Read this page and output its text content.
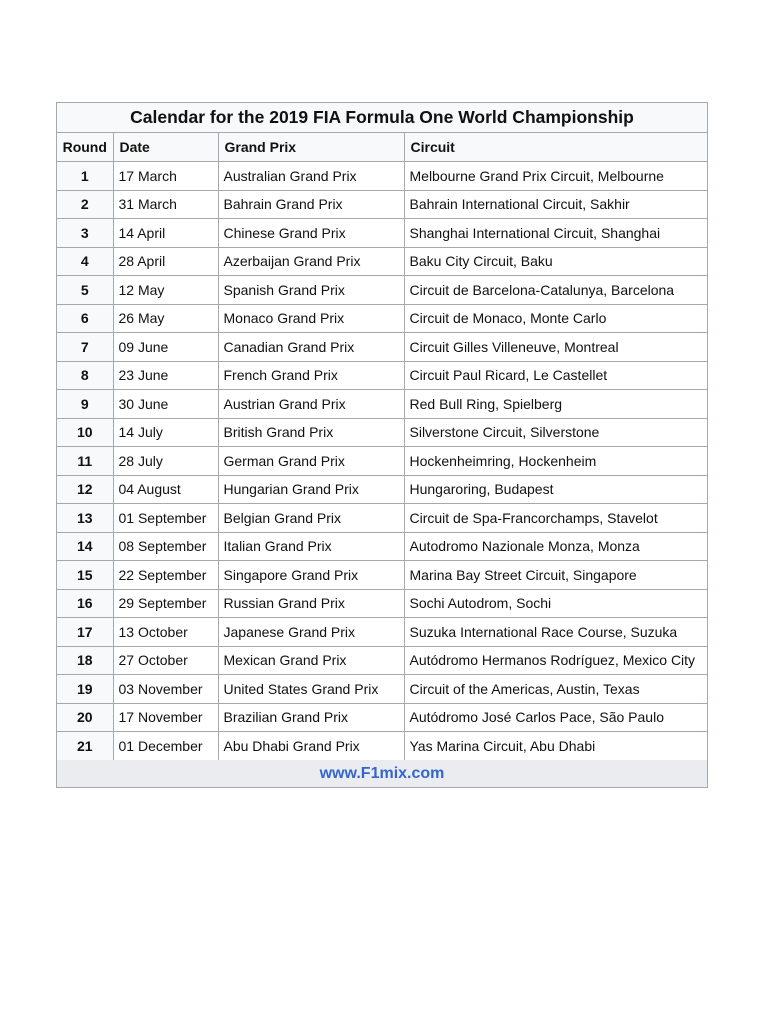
Calendar for the 2019 FIA Formula One World Championship			
Round	Date	Grand Prix	Circuit
1	17 March	Australian Grand Prix	Melbourne Grand Prix Circuit, Melbourne
2	31 March	Bahrain Grand Prix	Bahrain International Circuit, Sakhir
3	14 April	Chinese Grand Prix	Shanghai International Circuit, Shanghai
4	28 April	Azerbaijan Grand Prix	Baku City Circuit, Baku
5	12 May	Spanish Grand Prix	Circuit de Barcelona-Catalunya, Barcelona
6	26 May	Monaco Grand Prix	Circuit de Monaco, Monte Carlo
7	09 June	Canadian Grand Prix	Circuit Gilles Villeneuve, Montreal
8	23 June	French Grand Prix	Circuit Paul Ricard, Le Castellet
9	30 June	Austrian Grand Prix	Red Bull Ring, Spielberg
10	14 July	British Grand Prix	Silverstone Circuit, Silverstone
11	28 July	German Grand Prix	Hockenheimring, Hockenheim
12	04 August	Hungarian Grand Prix	Hungaroring, Budapest
13	01 September	Belgian Grand Prix	Circuit de Spa-Francorchamps, Stavelot
14	08 September	Italian Grand Prix	Autodromo Nazionale Monza, Monza
15	22 September	Singapore Grand Prix	Marina Bay Street Circuit, Singapore
16	29 September	Russian Grand Prix	Sochi Autodrom, Sochi
17	13 October	Japanese Grand Prix	Suzuka International Race Course, Suzuka
18	27 October	Mexican Grand Prix	Autódromo Hermanos Rodríguez, Mexico City
19	03 November	United States Grand Prix	Circuit of the Americas, Austin, Texas
20	17 November	Brazilian Grand Prix	Autódromo José Carlos Pace, São Paulo
21	01 December	Abu Dhabi Grand Prix	Yas Marina Circuit, Abu Dhabi
www.F1mix.com
